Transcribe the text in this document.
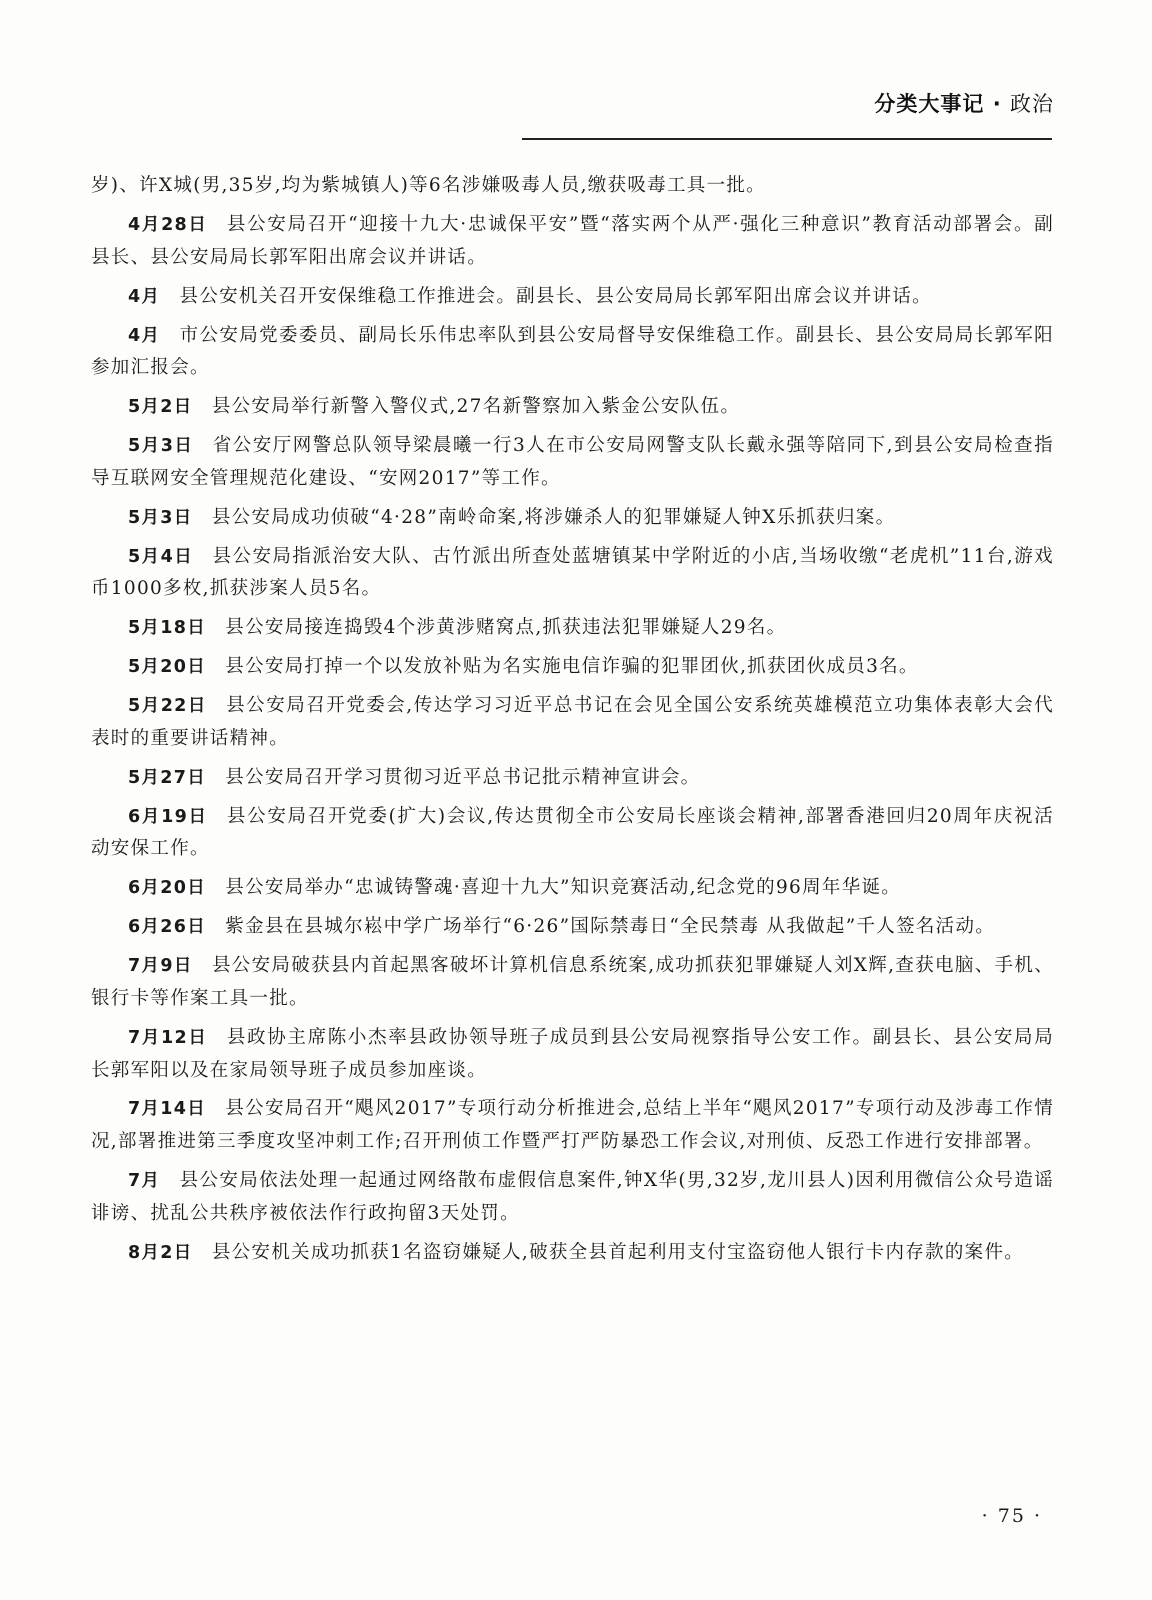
分类大事记 · 政治

岁)、许X城(男,35岁,均为紫城镇人)等6名涉嫌吸毒人员,缴获吸毒工具一批。

4月28日 县公安局召开“迎接十九大·忠诚保平安”暨“落实两个从严·强化三种意识”教育活动部署会。副县长、县公安局局长郭军阳出席会议并讲话。

4月 县公安机关召开安保维稳工作推进会。副县长、县公安局局长郭军阳出席会议并讲话。

4月 市公安局党委委员、副局长乐伟忠率队到县公安局督导安保维稳工作。副县长、县公安局局长郭军阳参加汇报会。

5月2日 县公安局举行新警入警仪式,27名新警察加入紫金公安队伍。

5月3日 省公安厅网警总队领导梁晨曦一行3人在市公安局网警支队长戴永强等陪同下,到县公安局检查指导互联网安全管理规范化建设、“安网2017”等工作。

5月3日 县公安局成功侦破“4·28”南岭命案,将涉嫌杀人的犯罪嫌疑人钟X乐抓获归案。

5月4日 县公安局指派治安大队、古竹派出所查处蓝塘镇某中学附近的小店,当场收缴“老虎机”11台,游戏币1000多枚,抓获涉案人员5名。

5月18日 县公安局接连捣毁4个涉黄涉赌窝点,抓获违法犯罪嫌疑人29名。

5月20日 县公安局打掉一个以发放补贴为名实施电信诈骗的犯罪团伙,抓获团伙成员3名。

5月22日 县公安局召开党委会,传达学习习近平总书记在会见全国公安系统英雄模范立功集体表彰大会代表时的重要讲话精神。

5月27日 县公安局召开学习贯彻习近平总书记批示精神宣讲会。

6月19日 县公安局召开党委(扩大)会议,传达贯彻全市公安局长座谈会精神,部署香港回归20周年庆祝活动安保工作。

6月20日 县公安局举办“忠诚铸警魂·喜迎十九大”知识竞赛活动,纪念党的96周年华诞。

6月26日 紫金县在县城尔崧中学广场举行“6·26”国际禁毒日“全民禁毒 从我做起”千人签名活动。

7月9日 县公安局破获县内首起黑客破坏计算机信息系统案,成功抓获犯罪嫌疑人刘X辉,查获电脑、手机、银行卡等作案工具一批。

7月12日 县政协主席陈小杰率县政协领导班子成员到县公安局视察指导公安工作。副县长、县公安局局长郭军阳以及在家局领导班子成员参加座谈。

7月14日 县公安局召开“飓风2017”专项行动分析推进会,总结上半年“飓风2017”专项行动及涉毒工作情况,部署推进第三季度攻坚冲刺工作;召开刑侦工作暨严打严防暴恐工作会议,对刑侦、反恐工作进行安排部署。

7月 县公安局依法处理一起通过网络散布虚假信息案件,钟X华(男,32岁,龙川县人)因利用微信公众号造谣诽谤、扰乱公共秩序被依法作行政拘留3天处罚。

8月2日 县公安机关成功抓获1名盗窃嫌疑人,破获全县首起利用支付宝盗窃他人银行卡内存款的案件。

· 75 ·
